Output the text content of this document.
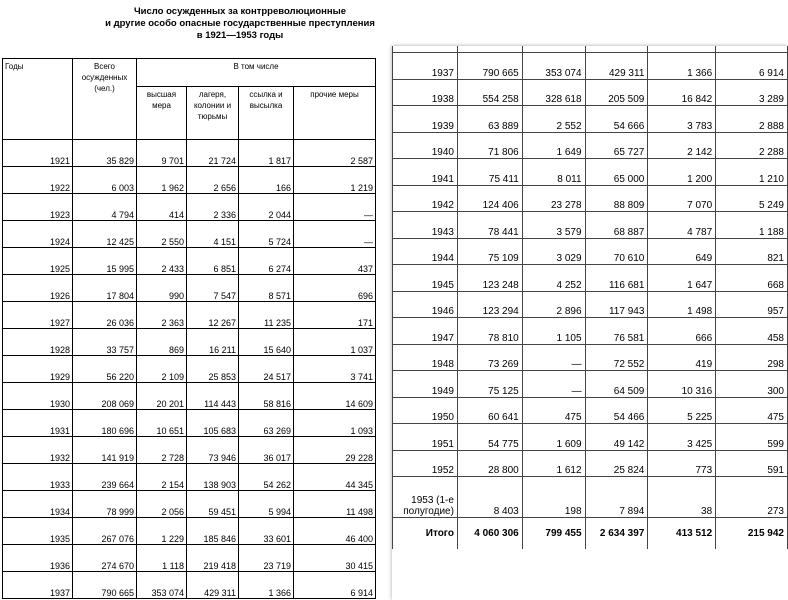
Число осужденных за контрреволюционные
и другие особо опасные государственные преступления
в 1921—1953 годы
Годы	Всего осужденных (чел.)	В том числе			
		высшая мера	лагеря, колонии и тюрьмы	ссылка и высылка	прочие меры
1921	35 829	9 701	21 724	1 817	2 587
1922	6 003	1 962	2 656	166	1 219
1923	4 794	414	2 336	2 044	—
1924	12 425	2 550	4 151	5 724	—
1925	15 995	2 433	6 851	6 274	437
1926	17 804	990	7 547	8 571	696
1927	26 036	2 363	12 267	11 235	171
1928	33 757	869	16 211	15 640	1 037
1929	56 220	2 109	25 853	24 517	3 741
1930	208 069	20 201	114 443	58 816	14 609
1931	180 696	10 651	105 683	63 269	1 093
1932	141 919	2 728	73 946	36 017	29 228
1933	239 664	2 154	138 903	54 262	44 345
1934	78 999	2 056	59 451	5 994	11 498
1935	267 076	1 229	185 846	33 601	46 400
1936	274 670	1 118	219 418	23 719	30 415
1937	790 665	353 074	429 311	1 366	6 914

1937	790 665	353 074	429 311	1 366	6 914
1938	554 258	328 618	205 509	16 842	3 289
1939	63 889	2 552	54 666	3 783	2 888
1940	71 806	1 649	65 727	2 142	2 288
1941	75 411	8 011	65 000	1 200	1 210
1942	124 406	23 278	88 809	7 070	5 249
1943	78 441	3 579	68 887	4 787	1 188
1944	75 109	3 029	70 610	649	821
1945	123 248	4 252	116 681	1 647	668
1946	123 294	2 896	117 943	1 498	957
1947	78 810	1 105	76 581	666	458
1948	73 269	—	72 552	419	298
1949	75 125	—	64 509	10 316	300
1950	60 641	475	54 466	5 225	475
1951	54 775	1 609	49 142	3 425	599
1952	28 800	1 612	25 824	773	591
1953 (1-е полугодие)	8 403	198	7 894	38	273
Итого	4 060 306	799 455	2 634 397	413 512	215 942
